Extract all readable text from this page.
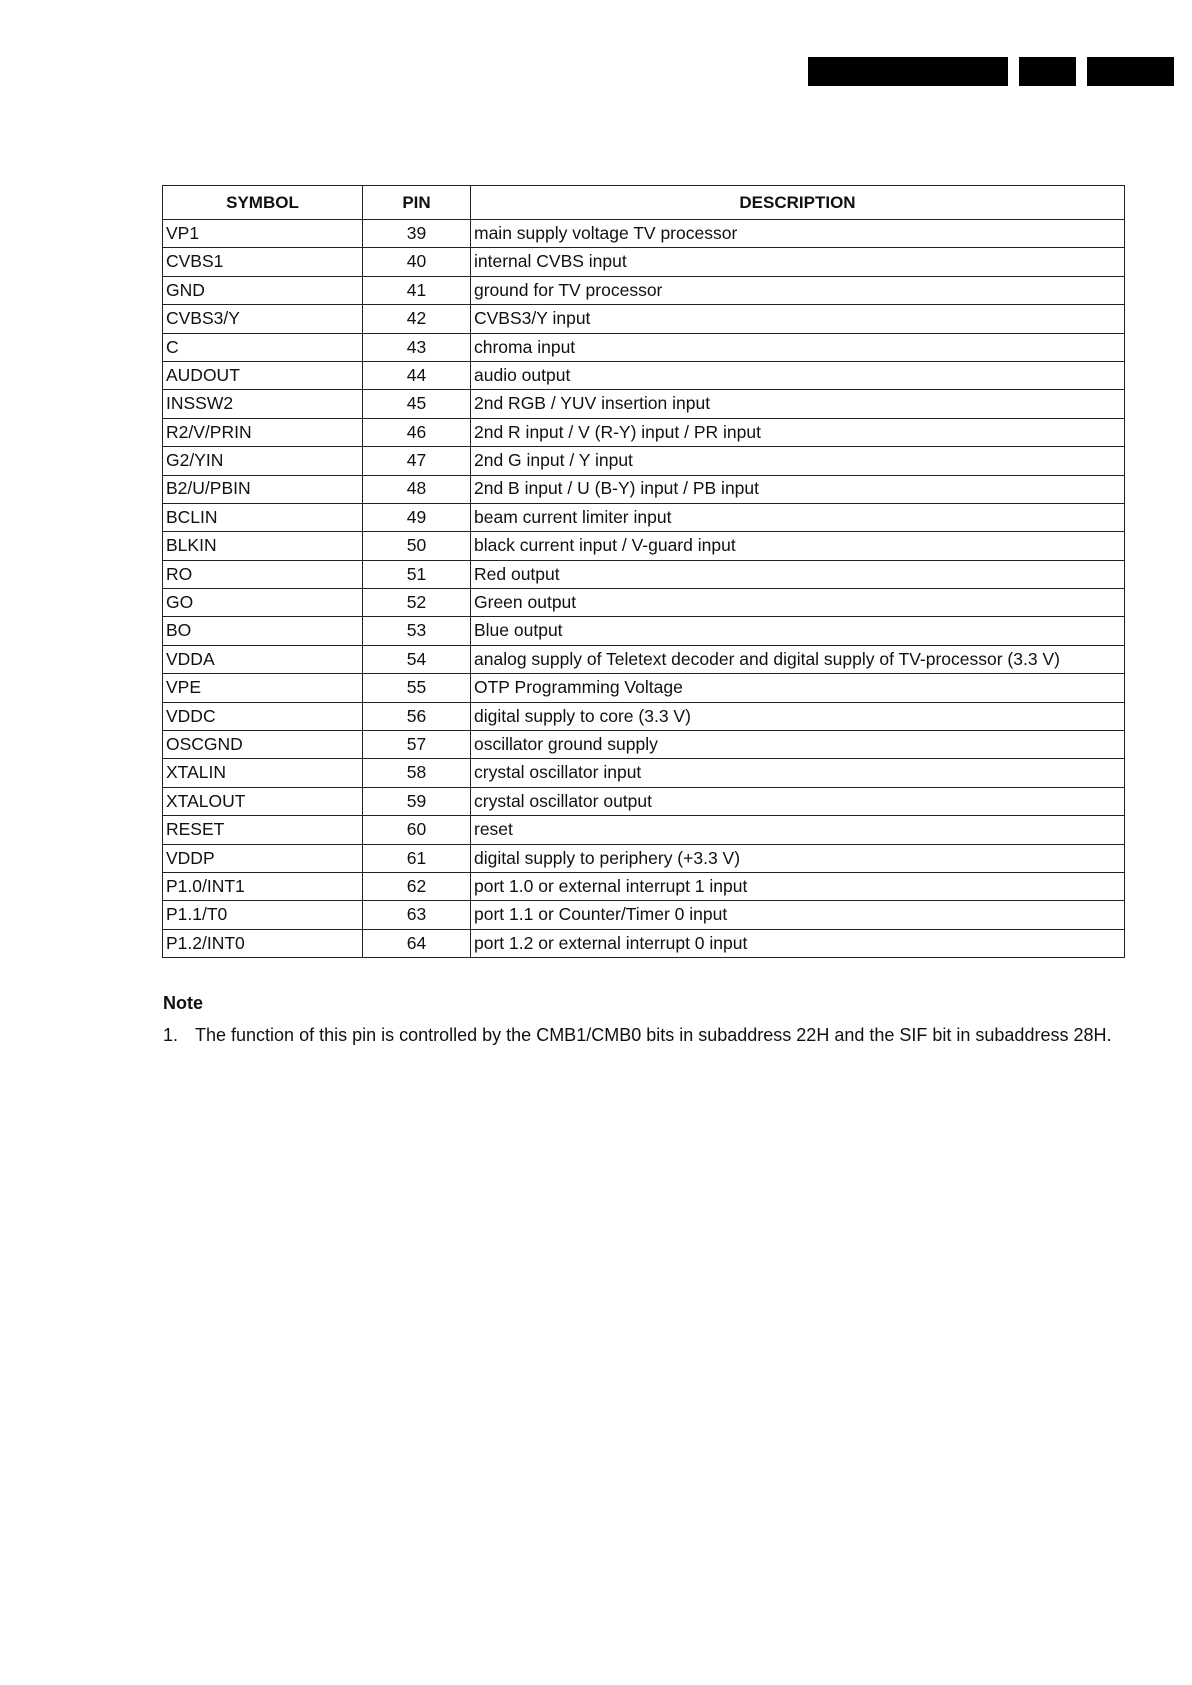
SYMBOL	PIN	DESCRIPTION
VP1	39	main supply voltage TV processor
CVBS1	40	internal CVBS input
GND	41	ground for TV processor
CVBS3/Y	42	CVBS3/Y input
C	43	chroma input
AUDOUT	44	audio output
INSSW2	45	2nd RGB / YUV insertion input
R2/V/PRIN	46	2nd R input / V (R-Y) input / PR input
G2/YIN	47	2nd G input / Y input
B2/U/PBIN	48	2nd B input / U (B-Y) input / PB input
BCLIN	49	beam current limiter input
BLKIN	50	black current input / V-guard input
RO	51	Red output
GO	52	Green output
BO	53	Blue output
VDDA	54	analog supply of Teletext decoder and digital supply of TV-processor (3.3 V)
VPE	55	OTP Programming Voltage
VDDC	56	digital supply to core (3.3 V)
OSCGND	57	oscillator ground supply
XTALIN	58	crystal oscillator input
XTALOUT	59	crystal oscillator output
RESET	60	reset
VDDP	61	digital supply to periphery (+3.3 V)
P1.0/INT1	62	port 1.0 or external interrupt 1 input
P1.1/T0	63	port 1.1 or Counter/Timer 0 input
P1.2/INT0	64	port 1.2 or external interrupt 0 input
Note
1. The function of this pin is controlled by the CMB1/CMB0 bits in subaddress 22H and the SIF bit in subaddress 28H.
